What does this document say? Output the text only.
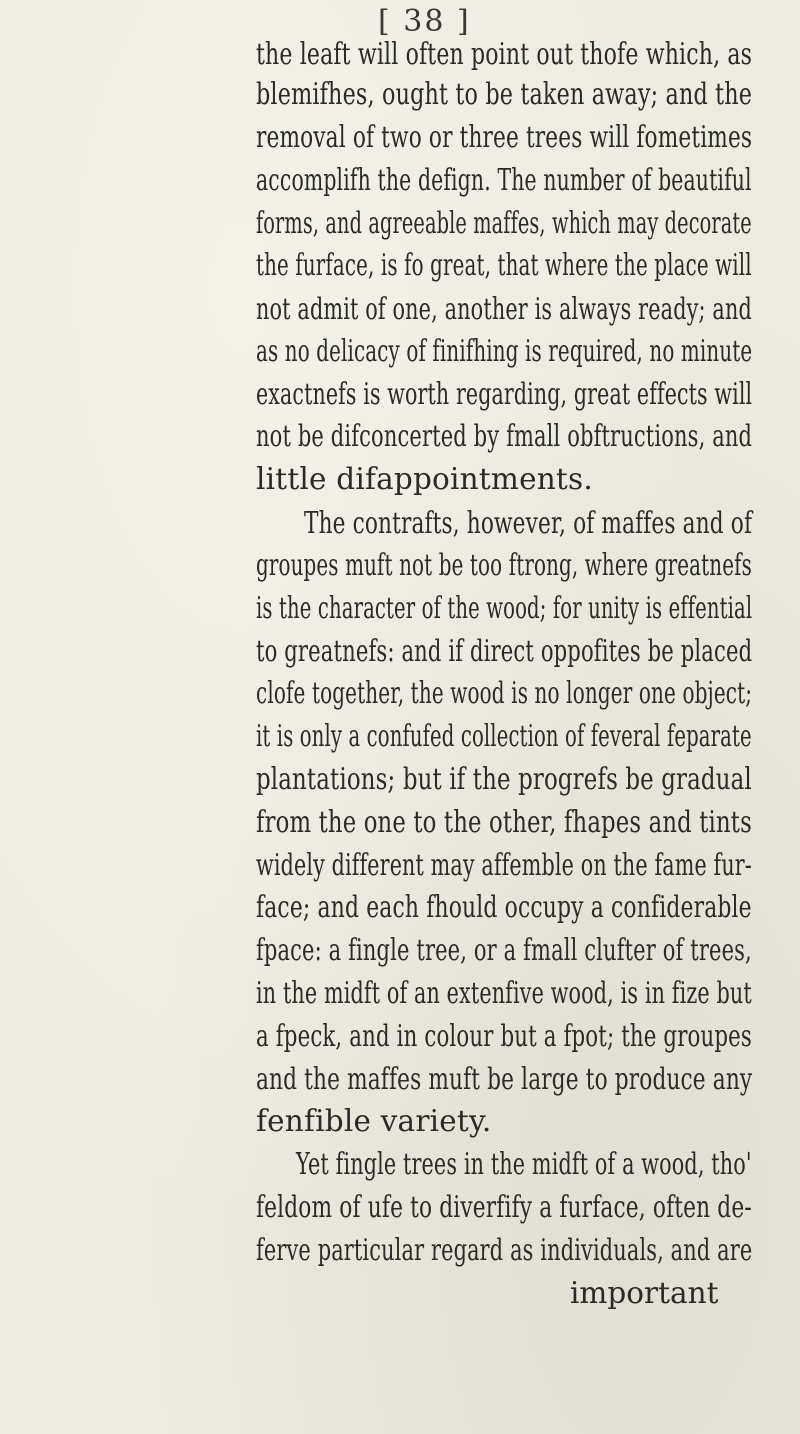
[ 38 ]
the leaft will often point out thofe which, as
blemifhes, ought to be taken away; and the
removal of two or three trees will fometimes
accomplifh the defign. The number of beautiful
forms, and agreeable maffes, which may decorate
the furface, is fo great, that where the place will
not admit of one, another is always ready; and
as no delicacy of finifhing is required, no minute
exactnefs is worth regarding, great effects will
not be difconcerted by fmall obftructions, and
little difappointments.
The contrafts, however, of maffes and of
groupes muft not be too ftrong, where greatnefs
is the character of the wood; for unity is effential
to greatnefs: and if direct oppofites be placed
clofe together, the wood is no longer one object;
it is only a confufed collection of feveral feparate
plantations; but if the progrefs be gradual
from the one to the other, fhapes and tints
widely different may affemble on the fame fur-
face; and each fhould occupy a confiderable
fpace: a fingle tree, or a fmall clufter of trees,
in the midft of an extenfive wood, is in fize but
a fpeck, and in colour but a fpot; the groupes
and the maffes muft be large to produce any
fenfible variety.
Yet fingle trees in the midft of a wood, tho'
feldom of ufe to diverfify a furface, often de-
ferve particular regard as individuals, and are
important
